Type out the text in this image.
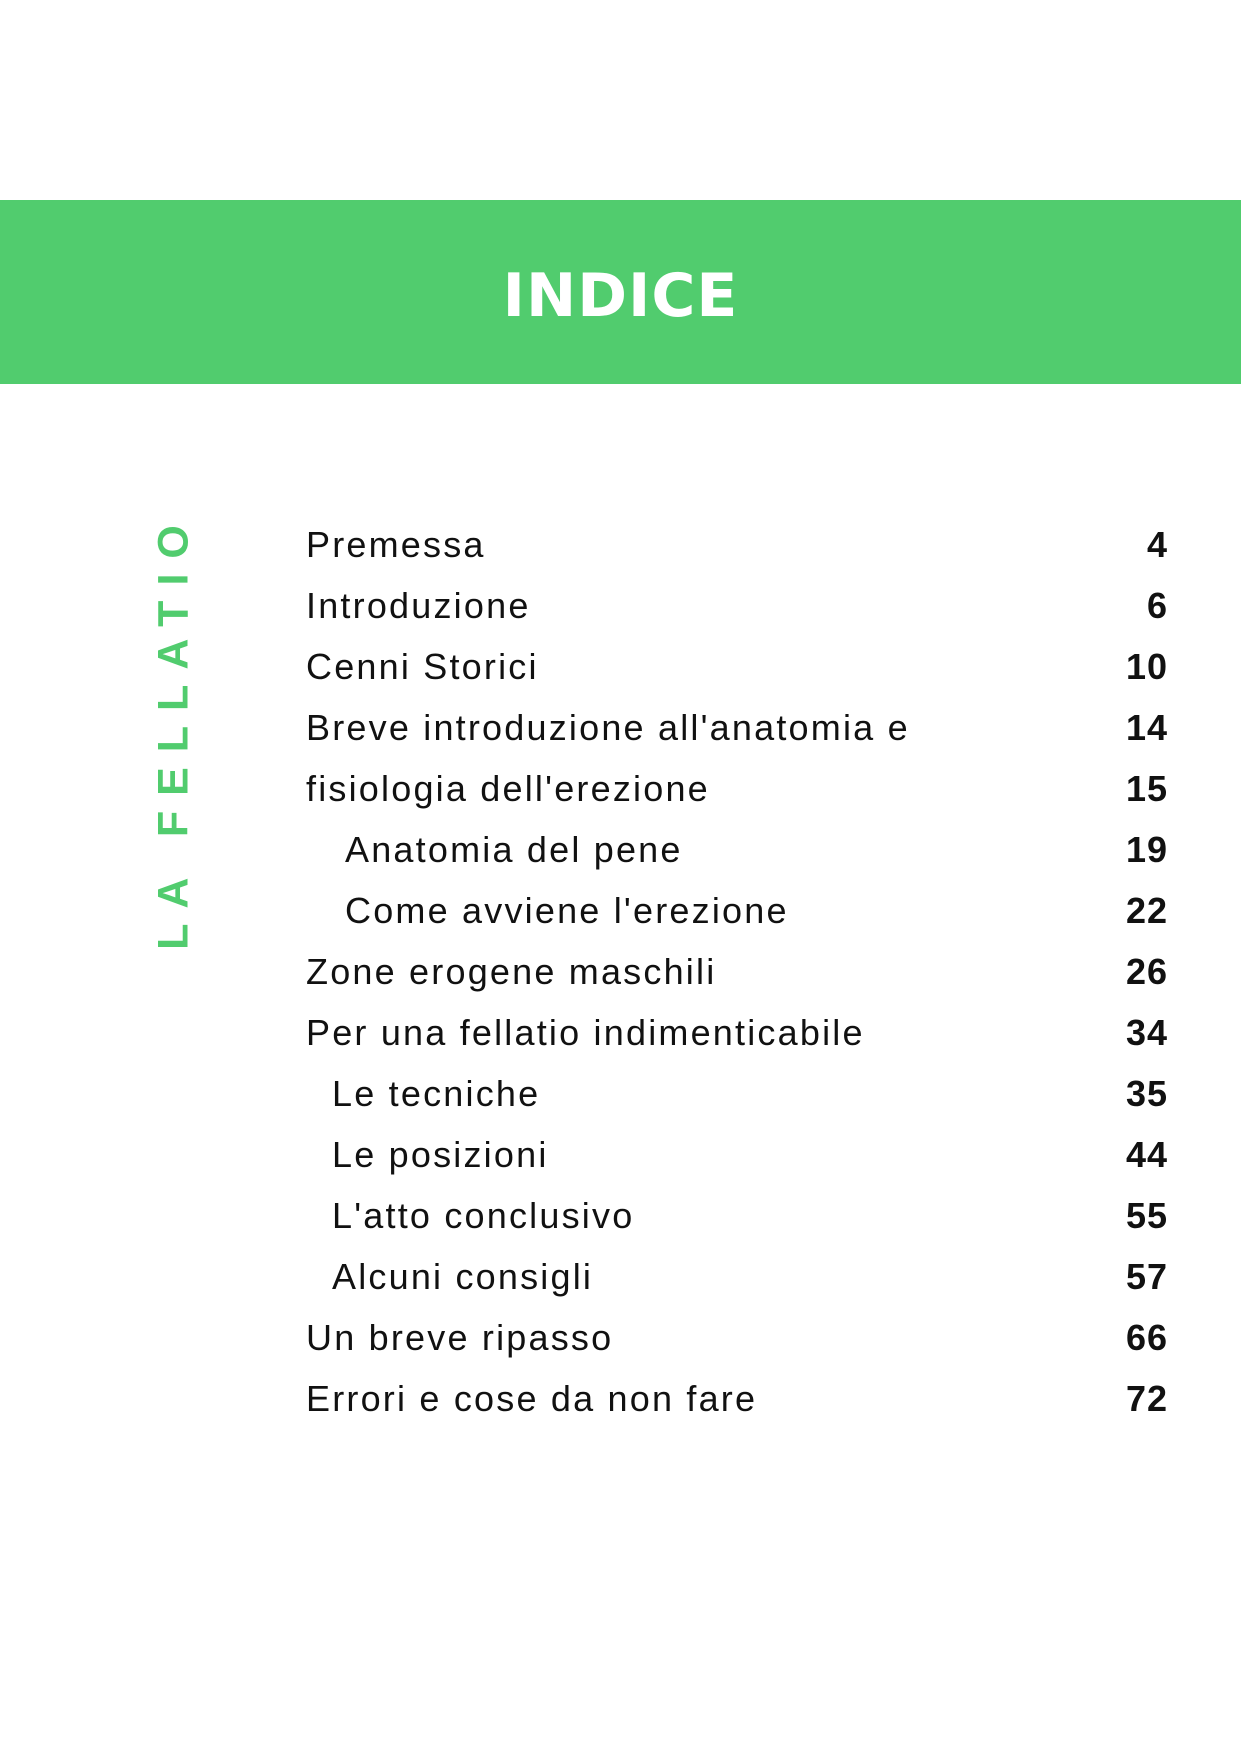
INDICE
LA FELLATIO	Premessa	4
Introduzione	6
Cenni Storici	10
Breve introduzione all'anatomia e	14
fisiologia dell'erezione	15
Anatomia del pene	19
Come avviene l'erezione	22
Zone erogene maschili	26
Per una fellatio indimenticabile	34
Le tecniche	35
Le posizioni	44
L'atto conclusivo	55
Alcuni consigli	57
Un breve ripasso	66
Errori e cose da non fare	72
